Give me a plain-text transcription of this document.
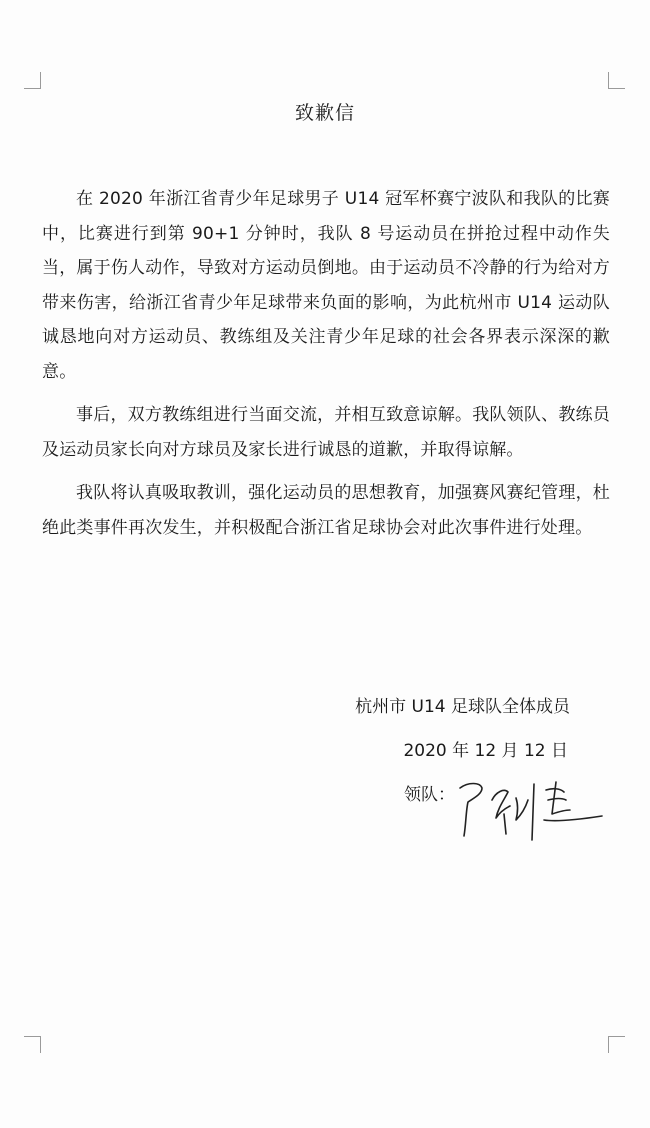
致歉信

在 2020 年浙江省青少年足球男子 U14 冠军杯赛宁波队和我队的比赛中，比赛进行到第 90+1 分钟时，我队 8 号运动员在拼抢过程中动作失当，属于伤人动作，导致对方运动员倒地。由于运动员不冷静的行为给对方带来伤害，给浙江省青少年足球带来负面的影响，为此杭州市 U14 运动队诚恳地向对方运动员、教练组及关注青少年足球的社会各界表示深深的歉意。

事后，双方教练组进行当面交流，并相互致意谅解。我队领队、教练员及运动员家长向对方球员及家长进行诚恳的道歉，并取得谅解。

我队将认真吸取教训，强化运动员的思想教育，加强赛风赛纪管理，杜绝此类事件再次发生，并积极配合浙江省足球协会对此次事件进行处理。

杭州市 U14 足球队全体成员
2020 年 12 月 12 日
领队：
